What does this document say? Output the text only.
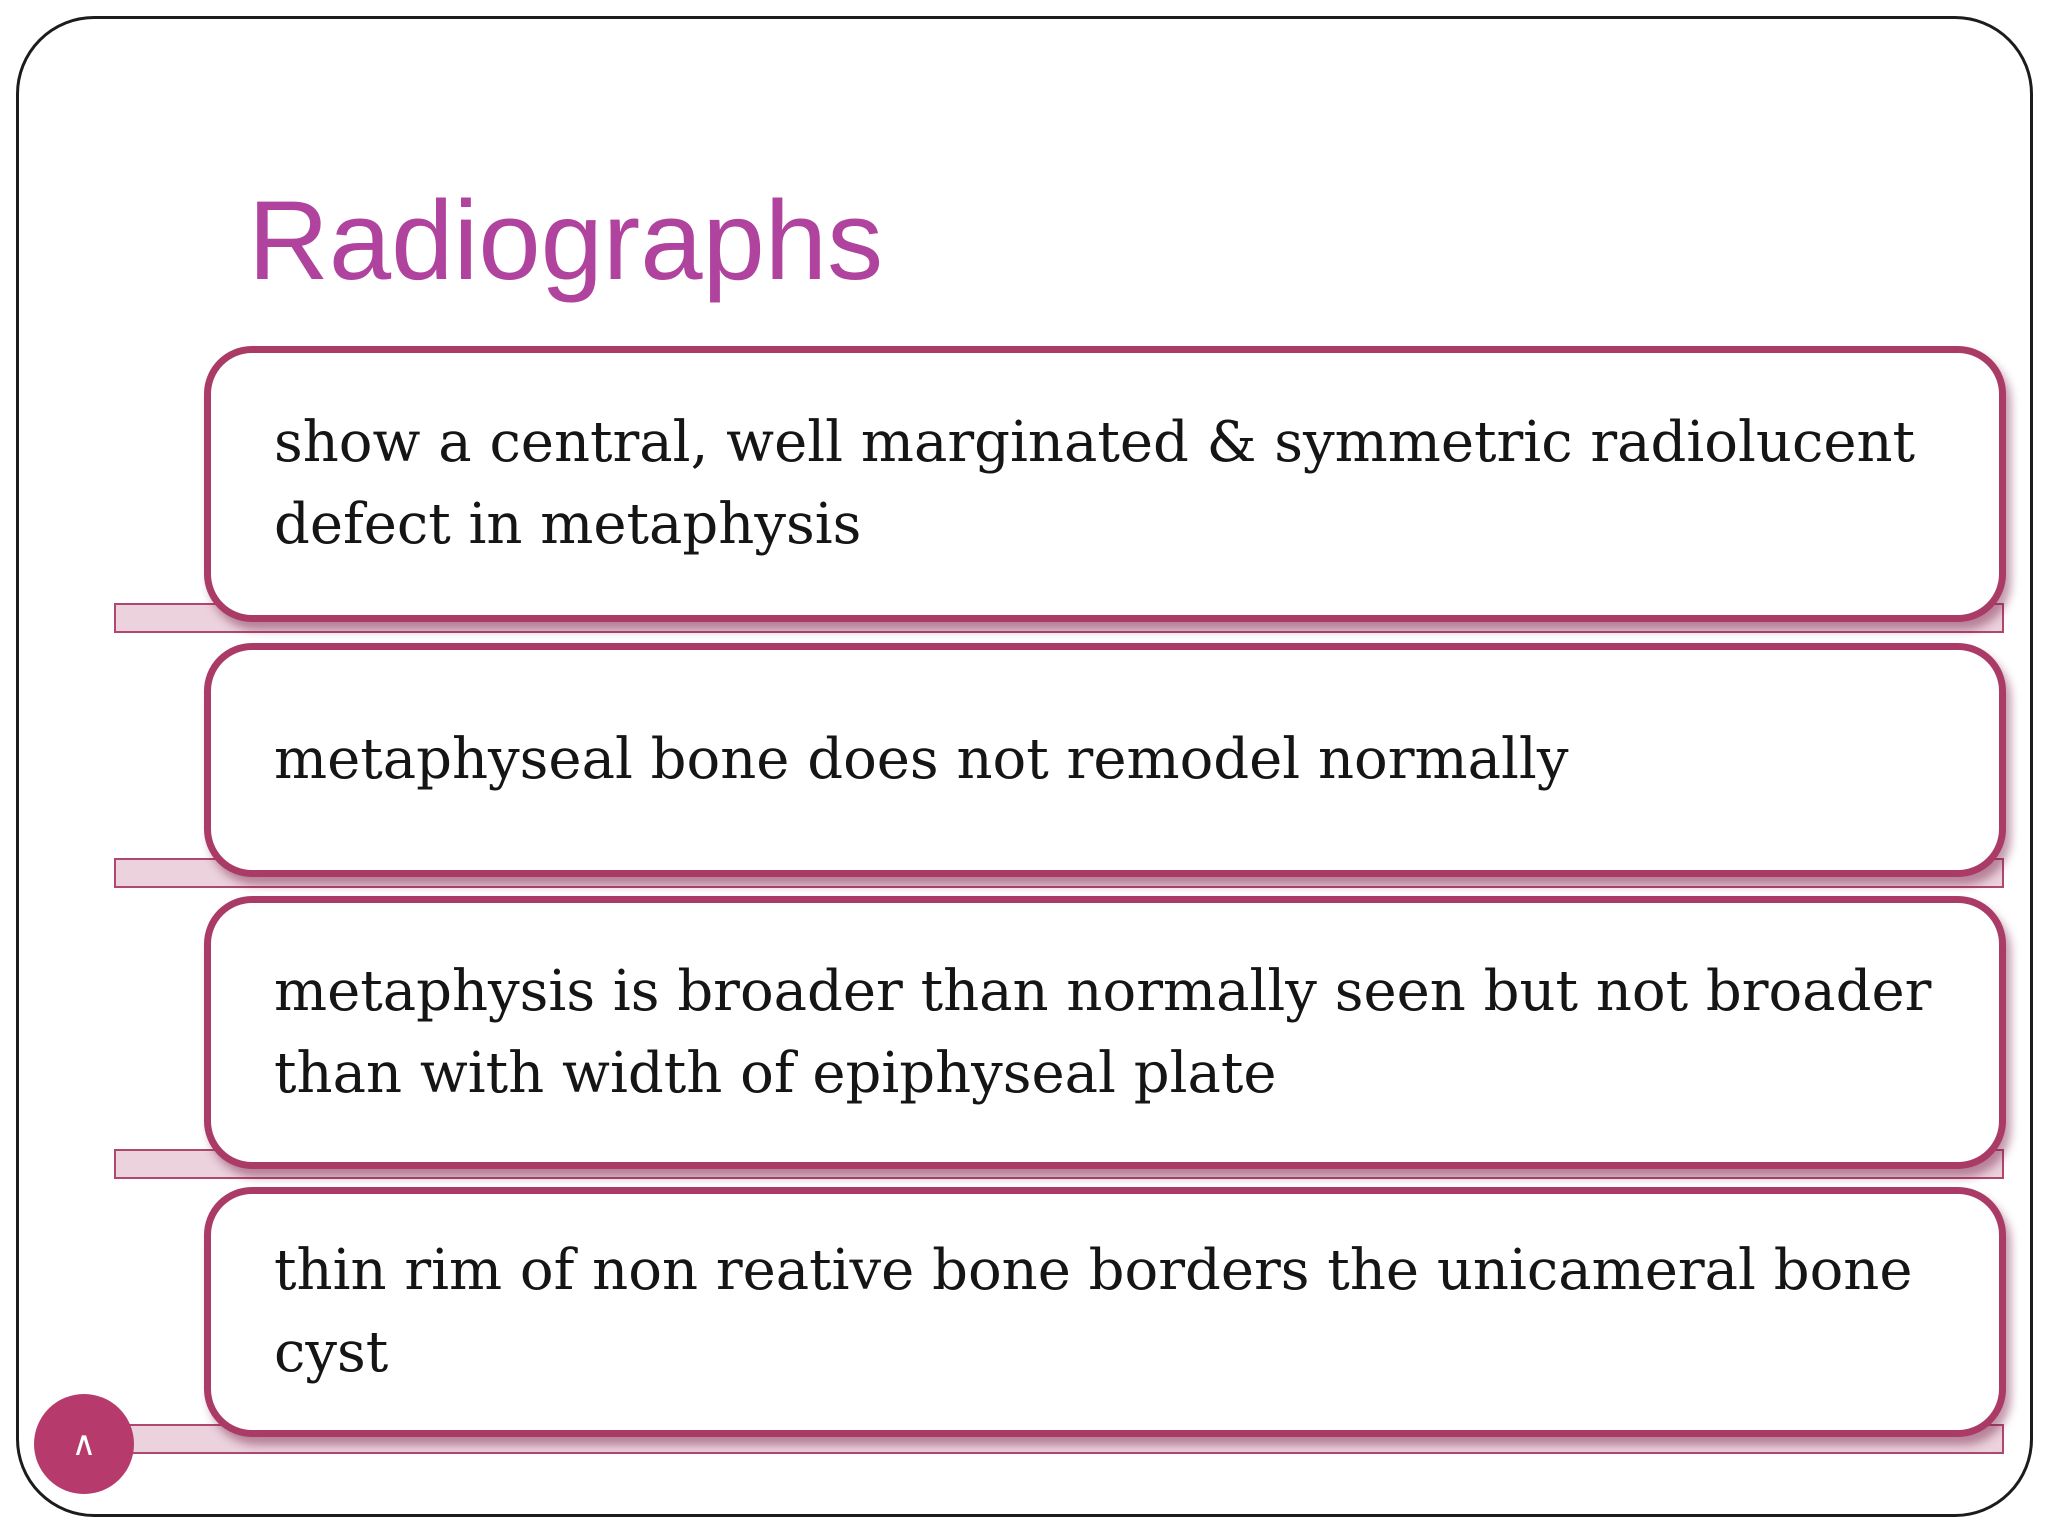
Radiographs
show a central, well marginated & symmetric radiolucent defect in metaphysis
metaphyseal bone does not remodel normally
metaphysis is broader than normally seen but not broader than with width of epiphyseal plate
thin rim of non reative bone borders the unicameral bone cyst
∧
